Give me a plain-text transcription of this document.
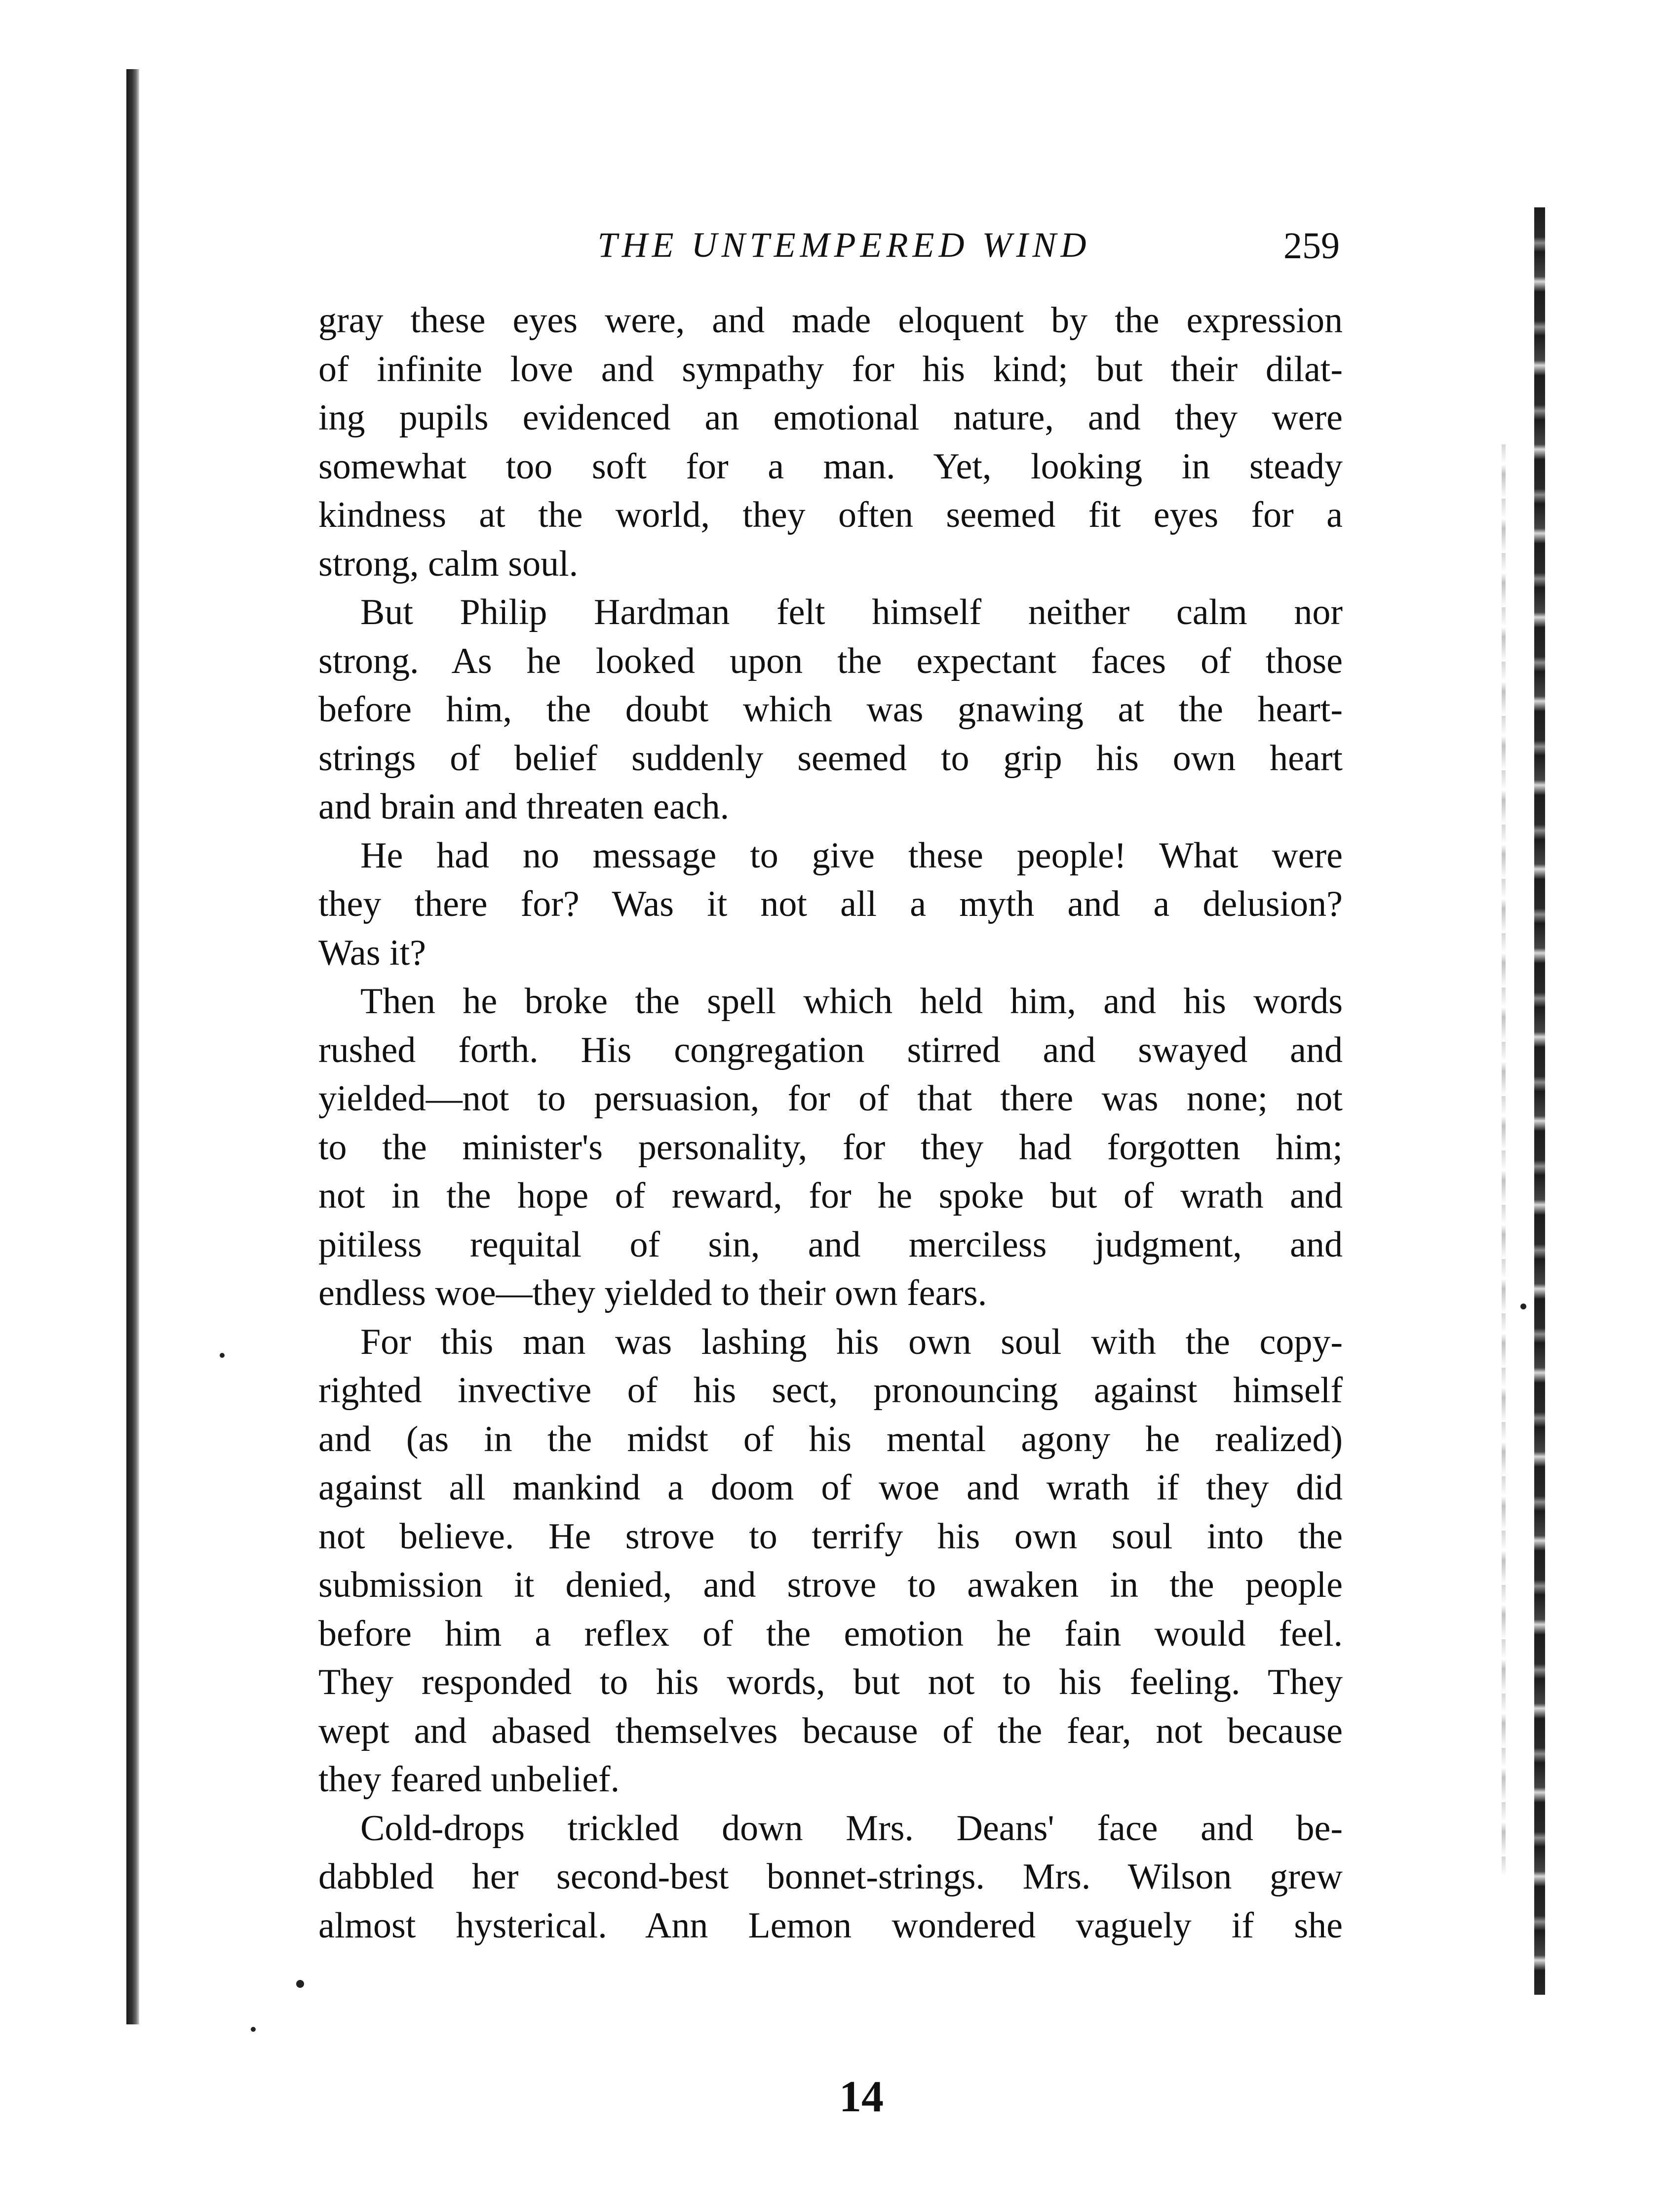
THE UNTEMPERED WIND	259
gray these eyes were, and made eloquent by the expression
of infinite love and sympathy for his kind; but their dilat-
ing pupils evidenced an emotional nature, and they were
somewhat too soft for a man. Yet, looking in steady
kindness at the world, they often seemed fit eyes for a
strong, calm soul.
But Philip Hardman felt himself neither calm nor
strong. As he looked upon the expectant faces of those
before him, the doubt which was gnawing at the heart-
strings of belief suddenly seemed to grip his own heart
and brain and threaten each.
He had no message to give these people! What were
they there for? Was it not all a myth and a delusion?
Was it?
Then he broke the spell which held him, and his words
rushed forth. His congregation stirred and swayed and
yielded—not to persuasion, for of that there was none; not
to the minister's personality, for they had forgotten him;
not in the hope of reward, for he spoke but of wrath and
pitiless requital of sin, and merciless judgment, and
endless woe—they yielded to their own fears.
For this man was lashing his own soul with the copy-
righted invective of his sect, pronouncing against himself
and (as in the midst of his mental agony he realized)
against all mankind a doom of woe and wrath if they did
not believe. He strove to terrify his own soul into the
submission it denied, and strove to awaken in the people
before him a reflex of the emotion he fain would feel.
They responded to his words, but not to his feeling. They
wept and abased themselves because of the fear, not because
they feared unbelief.
Cold-drops trickled down Mrs. Deans' face and be-
dabbled her second-best bonnet-strings. Mrs. Wilson grew
almost hysterical. Ann Lemon wondered vaguely if she
14
